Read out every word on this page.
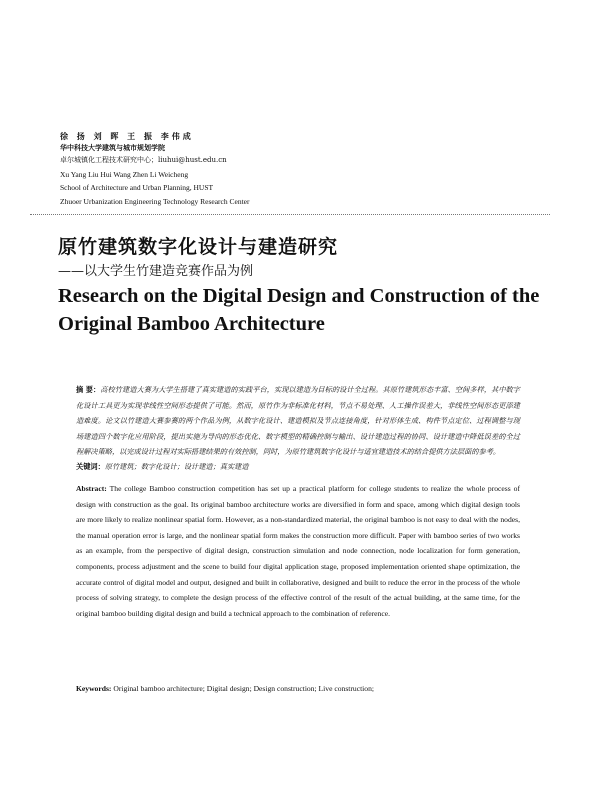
徐 扬 刘 晖 王 振 李伟成
华中科技大学建筑与城市规划学院
卓尔城镇化工程技术研究中心；liuhui@hust.edu.cn
Xu Yang Liu Hui Wang Zhen Li Weicheng
School of Architecture and Urban Planning, HUST
Zhuoer Urbanization Engineering Technology Research Center
原竹建筑数字化设计与建造研究
——以大学生竹建造竞赛作品为例
Research on the Digital Design and Construction of the Original Bamboo Architecture
摘 要：高校竹建造大赛为大学生搭建了真实建造的实践平台，实现以建造为目标的设计全过程。其原竹建筑形态丰富、空间多样，其中数字化设计工具更为实现非线性空间形态提供了可能。然而，原竹作为非标准化材料，节点不易处理、人工操作误差大，非线性空间形态更添建造难度。论文以竹建造大赛参赛的两个作品为例，从数字化设计、建造模拟及节点连接角度，针对形体生成、构件节点定位、过程调整与现场建造四个数字化应用阶段，提出实施为导向的形态优化、数字模型的精确控制与输出、设计建造过程的协同、设计建造中降低误差的全过程解决策略，以完成设计过程对实际搭建结果的有效控制，同时，为原竹建筑数字化设计与适宜建造技术的结合提供方法层面的参考。
关键词：原竹建筑；数字化设计；设计建造；真实建造
Abstract: The college Bamboo construction competition has set up a practical platform for college students to realize the whole process of design with construction as the goal. Its original bamboo architecture works are diversified in form and space, among which digital design tools are more likely to realize nonlinear spatial form. However, as a non-standardized material, the original bamboo is not easy to deal with the nodes, the manual operation error is large, and the nonlinear spatial form makes the construction more difficult. Paper with bamboo series of two works as an example, from the perspective of digital design, construction simulation and node connection, node localization for form generation, components, process adjustment and the scene to build four digital application stage, proposed implementation oriented shape optimization, the accurate control of digital model and output, designed and built in collaborative, designed and built to reduce the error in the process of the whole process of solving strategy, to complete the design process of the effective control of the result of the actual building, at the same time, for the original bamboo building digital design and build a technical approach to the combination of reference.
Keywords: Original bamboo architecture; Digital design; Design construction; Live construction;
